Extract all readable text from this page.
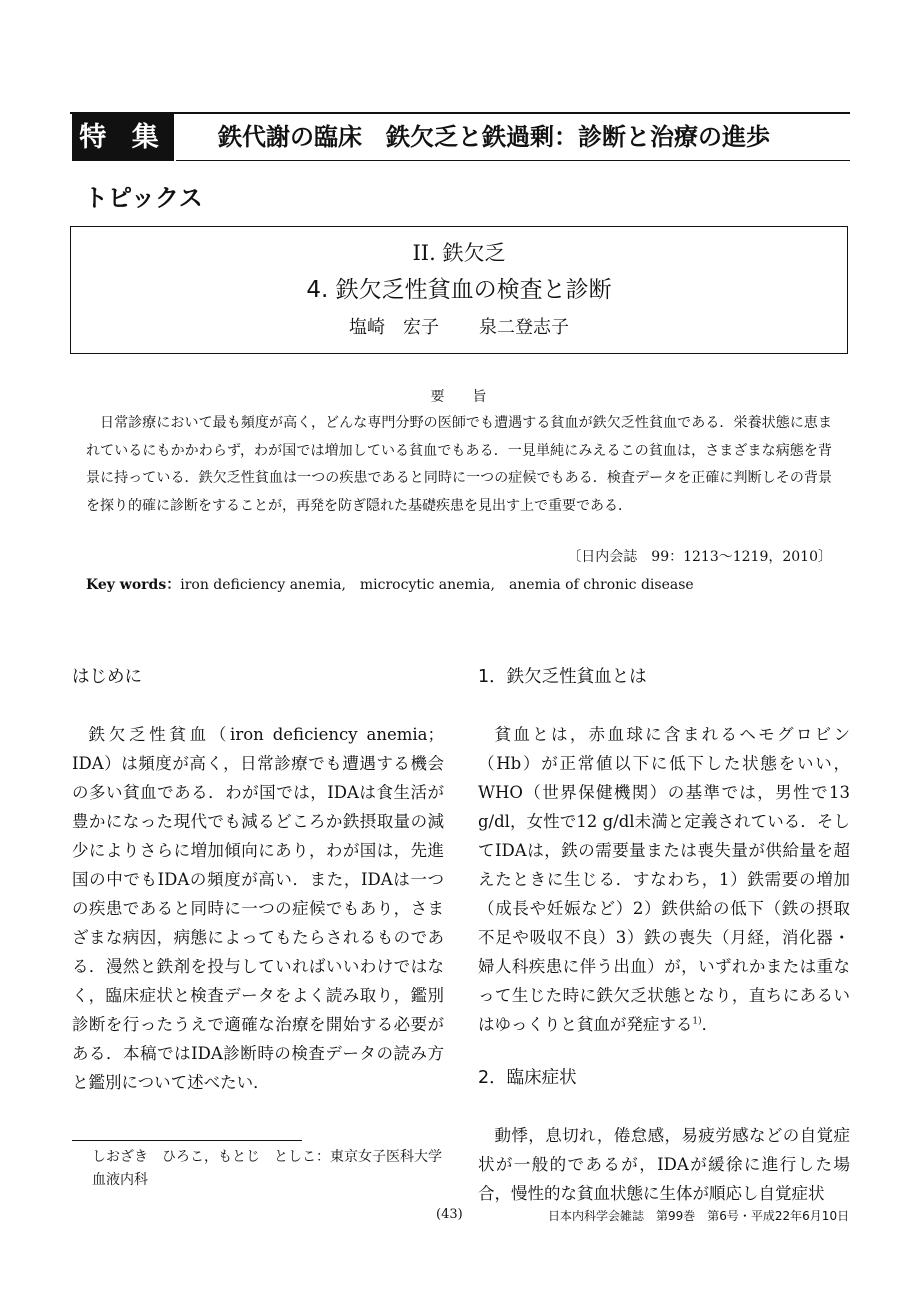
特 集	鉄代謝の臨床　鉄欠乏と鉄過剰：診断と治療の進歩
トピックス
II. 鉄欠乏
4. 鉄欠乏性貧血の検査と診断
塩崎　宏子 泉二登志子
要　　旨
日常診療において最も頻度が高く，どんな専門分野の医師でも遭遇する貧血が鉄欠乏性貧血である．栄養状態に恵まれているにもかかわらず，わが国では増加している貧血でもある．一見単純にみえるこの貧血は，さまざまな病態を背景に持っている．鉄欠乏性貧血は一つの疾患であると同時に一つの症候でもある．検査データを正確に判断しその背景を探り的確に診断をすることが，再発を防ぎ隠れた基礎疾患を見出す上で重要である．
〔日内会誌　99：1213～1219，2010〕
Key words：iron deficiency anemia,　microcytic anemia,　anemia of chronic disease
はじめに

鉄欠乏性貧血（iron deficiency anemia；IDA）は頻度が高く，日常診療でも遭遇する機会の多い貧血である．わが国では，IDAは食生活が豊かになった現代でも減るどころか鉄摂取量の減少によりさらに増加傾向にあり，わが国は，先進国の中でもIDAの頻度が高い．また，IDAは一つの疾患であると同時に一つの症候でもあり，さまざまな病因，病態によってもたらされるものである．漫然と鉄剤を投与していればいいわけではなく，臨床症状と検査データをよく読み取り，鑑別診断を行ったうえで適確な治療を開始する必要がある．本稿ではIDA診断時の検査データの読み方と鑑別について述べたい．

1．鉄欠乏性貧血とは

貧血とは，赤血球に含まれるヘモグロビン（Hb）が正常値以下に低下した状態をいい，WHO（世界保健機関）の基準では，男性で13 g/dl，女性で12 g/dl未満と定義されている．そしてIDAは，鉄の需要量または喪失量が供給量を超えたときに生じる．すなわち，1）鉄需要の増加（成長や妊娠など）2）鉄供給の低下（鉄の摂取不足や吸収不良）3）鉄の喪失（月経，消化器・婦人科疾患に伴う出血）が，いずれかまたは重なって生じた時に鉄欠乏状態となり，直ちにあるいはゆっくりと貧血が発症する$^{1)}$．

2．臨床症状

動悸，息切れ，倦怠感，易疲労感などの自覚症状が一般的であるが，IDAが緩徐に進行した場合，慢性的な貧血状態に生体が順応し自覚症状

しおざき　ひろこ，もとじ　としこ：東京女子医科大学血液内科
(43)	日本内科学会雑誌　第99巻　第6号・平成22年6月10日
